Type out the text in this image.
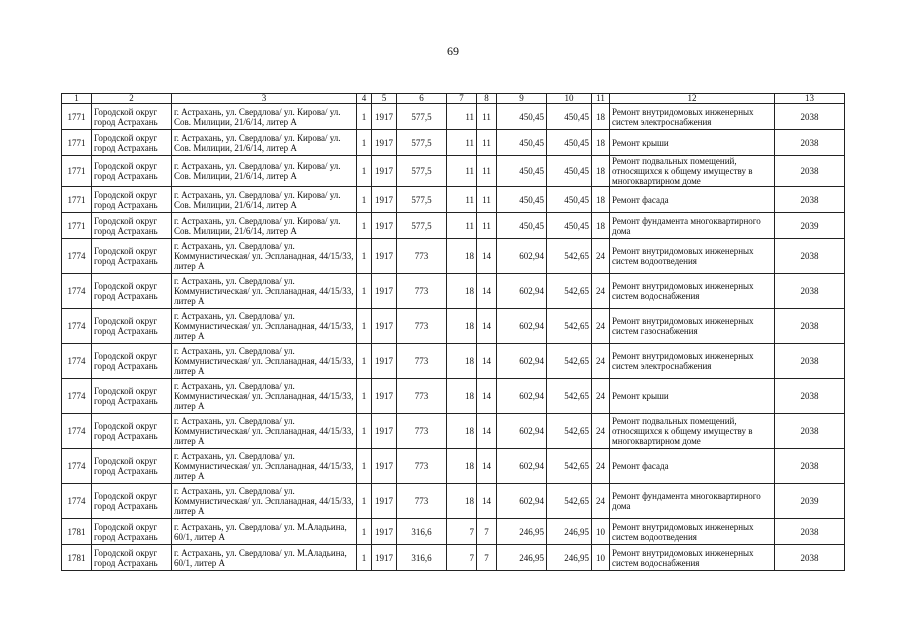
69
1	2	3	4	5	6	7	8	9	10	11	12	13
1771	Городской округ город Астрахань	г. Астрахань, ул. Свердлова/ ул. Кирова/ ул. Сов. Милиции, 21/6/14, литер А	1	1917	577,5	11	11	450,45	450,45	18	Ремонт внутридомовых инженерных систем электроснабжения	2038
1771	Городской округ город Астрахань	г. Астрахань, ул. Свердлова/ ул. Кирова/ ул. Сов. Милиции, 21/6/14, литер А	1	1917	577,5	11	11	450,45	450,45	18	Ремонт крыши	2038
1771	Городской округ город Астрахань	г. Астрахань, ул. Свердлова/ ул. Кирова/ ул. Сов. Милиции, 21/6/14, литер А	1	1917	577,5	11	11	450,45	450,45	18	Ремонт подвальных помещений, относящихся к общему имуществу в многоквартирном доме	2038
1771	Городской округ город Астрахань	г. Астрахань, ул. Свердлова/ ул. Кирова/ ул. Сов. Милиции, 21/6/14, литер А	1	1917	577,5	11	11	450,45	450,45	18	Ремонт фасада	2038
1771	Городской округ город Астрахань	г. Астрахань, ул. Свердлова/ ул. Кирова/ ул. Сов. Милиции, 21/6/14, литер А	1	1917	577,5	11	11	450,45	450,45	18	Ремонт фундамента многоквартирного дома	2039
1774	Городской округ город Астрахань	г. Астрахань, ул. Свердлова/ ул. Коммунистическая/ ул. Эспланадная, 44/15/33, литер А	1	1917	773	18	14	602,94	542,65	24	Ремонт внутридомовых инженерных систем водоотведения	2038
1774	Городской округ город Астрахань	г. Астрахань, ул. Свердлова/ ул. Коммунистическая/ ул. Эспланадная, 44/15/33, литер А	1	1917	773	18	14	602,94	542,65	24	Ремонт внутридомовых инженерных систем водоснабжения	2038
1774	Городской округ город Астрахань	г. Астрахань, ул. Свердлова/ ул. Коммунистическая/ ул. Эспланадная, 44/15/33, литер А	1	1917	773	18	14	602,94	542,65	24	Ремонт внутридомовых инженерных систем газоснабжения	2038
1774	Городской округ город Астрахань	г. Астрахань, ул. Свердлова/ ул. Коммунистическая/ ул. Эспланадная, 44/15/33, литер А	1	1917	773	18	14	602,94	542,65	24	Ремонт внутридомовых инженерных систем электроснабжения	2038
1774	Городской округ город Астрахань	г. Астрахань, ул. Свердлова/ ул. Коммунистическая/ ул. Эспланадная, 44/15/33, литер А	1	1917	773	18	14	602,94	542,65	24	Ремонт крыши	2038
1774	Городской округ город Астрахань	г. Астрахань, ул. Свердлова/ ул. Коммунистическая/ ул. Эспланадная, 44/15/33, литер А	1	1917	773	18	14	602,94	542,65	24	Ремонт подвальных помещений, относящихся к общему имуществу в многоквартирном доме	2038
1774	Городской округ город Астрахань	г. Астрахань, ул. Свердлова/ ул. Коммунистическая/ ул. Эспланадная, 44/15/33, литер А	1	1917	773	18	14	602,94	542,65	24	Ремонт фасада	2038
1774	Городской округ город Астрахань	г. Астрахань, ул. Свердлова/ ул. Коммунистическая/ ул. Эспланадная, 44/15/33, литер А	1	1917	773	18	14	602,94	542,65	24	Ремонт фундамента многоквартирного дома	2039
1781	Городской округ город Астрахань	г. Астрахань, ул. Свердлова/ ул. М.Аладьина, 60/1, литер А	1	1917	316,6	7	7	246,95	246,95	10	Ремонт внутридомовых инженерных систем водоотведения	2038
1781	Городской округ город Астрахань	г. Астрахань, ул. Свердлова/ ул. М.Аладьина, 60/1, литер А	1	1917	316,6	7	7	246,95	246,95	10	Ремонт внутридомовых инженерных систем водоснабжения	2038
